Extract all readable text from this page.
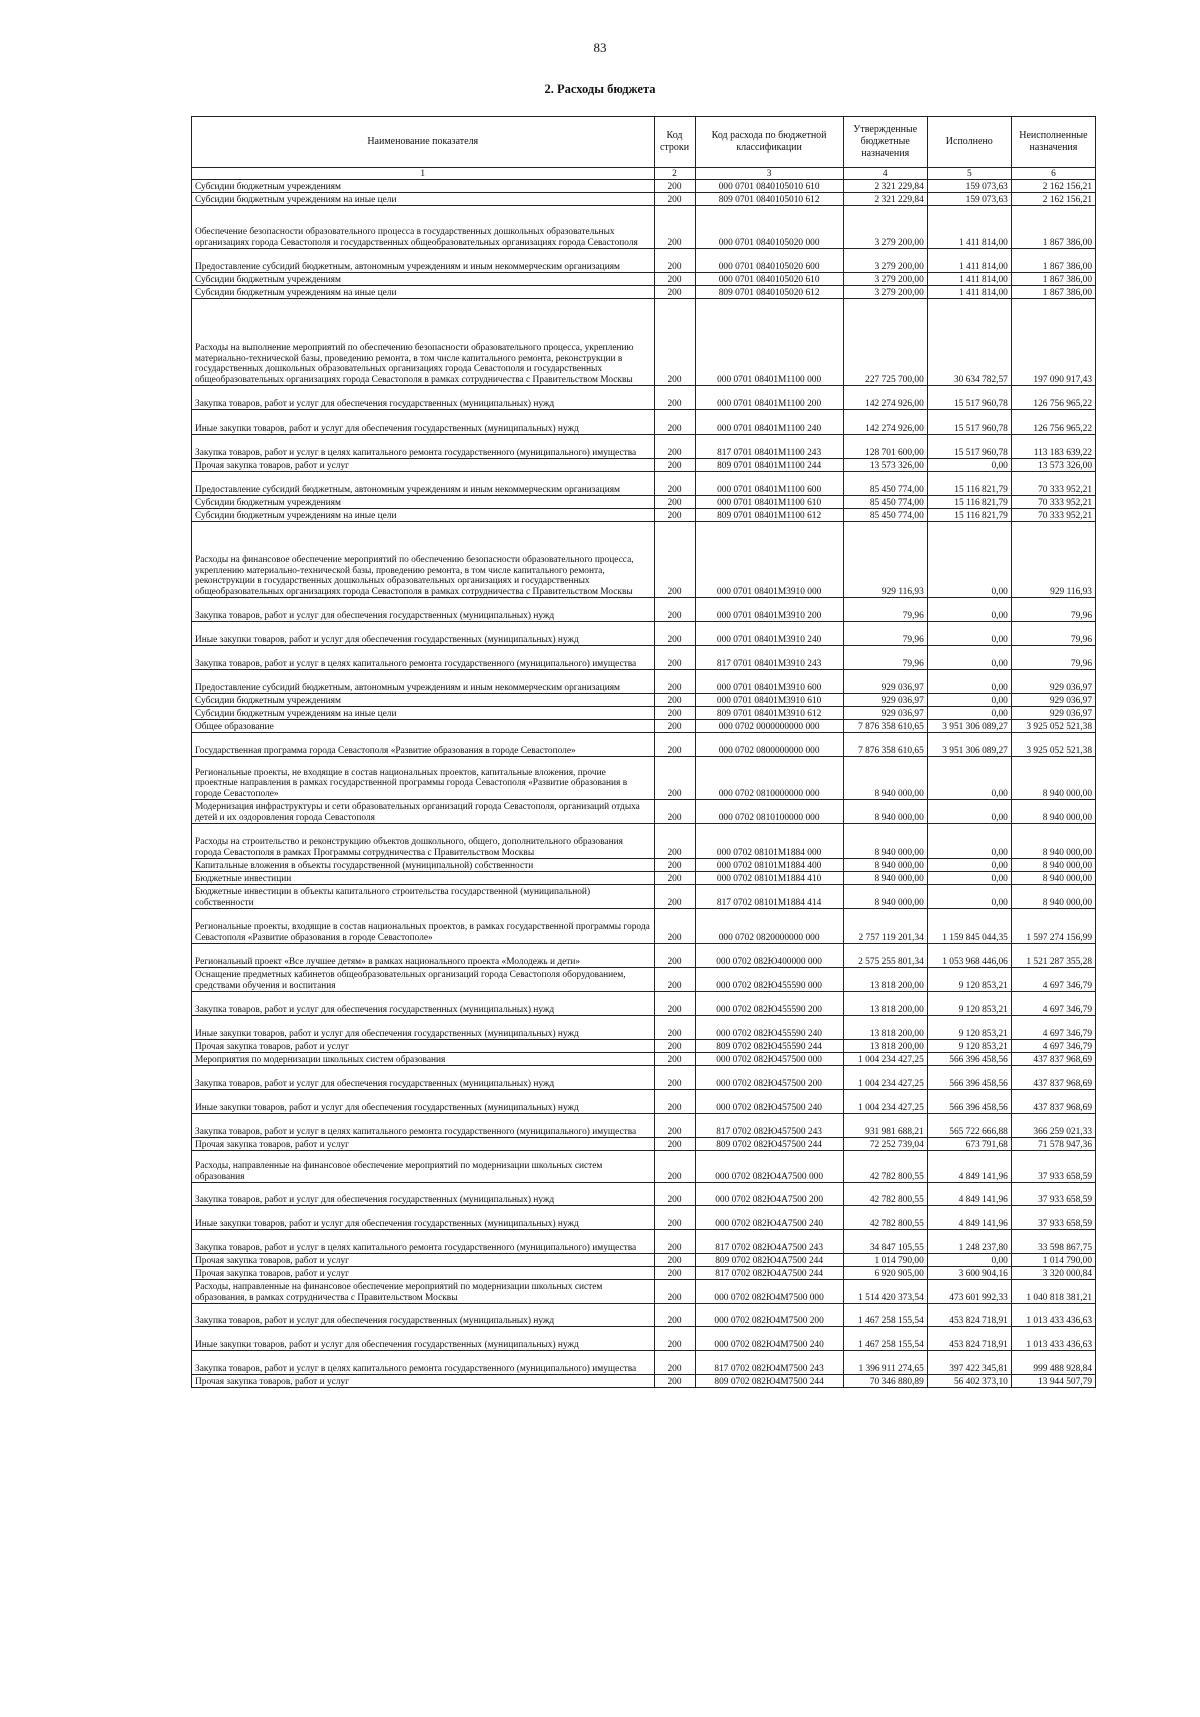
83
2. Расходы бюджета
Наименование показателя	Код строки	Код расхода по бюджетной классификации	Утвержденные бюджетные назначения	Исполнено	Неисполненные назначения
1	2	3	4	5	6
Субсидии бюджетным учреждениям	200	000 0701 0840105010 610	2 321 229,84	159 073,63	2 162 156,21
Субсидии бюджетным учреждениям на иные цели	200	809 0701 0840105010 612	2 321 229,84	159 073,63	2 162 156,21
Обеспечение безопасности образовательного процесса в государственных дошкольных образовательных организациях города Севастополя и государственных общеобразовательных организациях города Севастополя	200	000 0701 0840105020 000	3 279 200,00	1 411 814,00	1 867 386,00
Предоставление субсидий бюджетным, автономным учреждениям и иным некоммерческим организациям	200	000 0701 0840105020 600	3 279 200,00	1 411 814,00	1 867 386,00
Субсидии бюджетным учреждениям	200	000 0701 0840105020 610	3 279 200,00	1 411 814,00	1 867 386,00
Субсидии бюджетным учреждениям на иные цели	200	809 0701 0840105020 612	3 279 200,00	1 411 814,00	1 867 386,00
Расходы на выполнение мероприятий по обеспечению безопасности образовательного процесса, укреплению материально-технической базы, проведению ремонта, в том числе капитального ремонта, реконструкции в государственных дошкольных образовательных организациях города Севастополя и государственных общеобразовательных организациях города Севастополя в рамках сотрудничества с Правительством Москвы	200	000 0701 08401M1100 000	227 725 700,00	30 634 782,57	197 090 917,43
Закупка товаров, работ и услуг для обеспечения государственных (муниципальных) нужд	200	000 0701 08401M1100 200	142 274 926,00	15 517 960,78	126 756 965,22
Иные закупки товаров, работ и услуг для обеспечения государственных (муниципальных) нужд	200	000 0701 08401M1100 240	142 274 926,00	15 517 960,78	126 756 965,22
Закупка товаров, работ и услуг в целях капитального ремонта государственного (муниципального) имущества	200	817 0701 08401M1100 243	128 701 600,00	15 517 960,78	113 183 639,22
Прочая закупка товаров, работ и услуг	200	809 0701 08401M1100 244	13 573 326,00	0,00	13 573 326,00
Предоставление субсидий бюджетным, автономным учреждениям и иным некоммерческим организациям	200	000 0701 08401M1100 600	85 450 774,00	15 116 821,79	70 333 952,21
Субсидии бюджетным учреждениям	200	000 0701 08401M1100 610	85 450 774,00	15 116 821,79	70 333 952,21
Субсидии бюджетным учреждениям на иные цели	200	809 0701 08401M1100 612	85 450 774,00	15 116 821,79	70 333 952,21
Расходы на финансовое обеспечение мероприятий по обеспечению безопасности образовательного процесса, укреплению материально-технической базы, проведению ремонта, в том числе капитального ремонта, реконструкции в государственных дошкольных образовательных организациях и государственных общеобразовательных организациях города Севастополя в рамках сотрудничества с Правительством Москвы	200	000 0701 08401M3910 000	929 116,93	0,00	929 116,93
Закупка товаров, работ и услуг для обеспечения государственных (муниципальных) нужд	200	000 0701 08401M3910 200	79,96	0,00	79,96
Иные закупки товаров, работ и услуг для обеспечения государственных (муниципальных) нужд	200	000 0701 08401M3910 240	79,96	0,00	79,96
Закупка товаров, работ и услуг в целях капитального ремонта государственного (муниципального) имущества	200	817 0701 08401M3910 243	79,96	0,00	79,96
Предоставление субсидий бюджетным, автономным учреждениям и иным некоммерческим организациям	200	000 0701 08401M3910 600	929 036,97	0,00	929 036,97
Субсидии бюджетным учреждениям	200	000 0701 08401M3910 610	929 036,97	0,00	929 036,97
Субсидии бюджетным учреждениям на иные цели	200	809 0701 08401M3910 612	929 036,97	0,00	929 036,97
Общее образование	200	000 0702 0000000000 000	7 876 358 610,65	3 951 306 089,27	3 925 052 521,38
Государственная программа города Севастополя «Развитие образования в городе Севастополе»	200	000 0702 0800000000 000	7 876 358 610,65	3 951 306 089,27	3 925 052 521,38
Региональные проекты, не входящие в состав национальных проектов, капитальные вложения, прочие проектные направления в рамках государственной программы города Севастополя «Развитие образования в городе Севастополе»	200	000 0702 0810000000 000	8 940 000,00	0,00	8 940 000,00
Модернизация инфраструктуры и сети образовательных организаций города Севастополя, организаций отдыха детей и их оздоровления города Севастополя	200	000 0702 0810100000 000	8 940 000,00	0,00	8 940 000,00
Расходы на строительство и реконструкцию объектов дошкольного, общего, дополнительного образования города Севастополя в рамках Программы сотрудничества с Правительством Москвы	200	000 0702 08101M1884 000	8 940 000,00	0,00	8 940 000,00
Капитальные вложения в объекты государственной (муниципальной) собственности	200	000 0702 08101M1884 400	8 940 000,00	0,00	8 940 000,00
Бюджетные инвестиции	200	000 0702 08101M1884 410	8 940 000,00	0,00	8 940 000,00
Бюджетные инвестиции в объекты капитального строительства государственной (муниципальной) собственности	200	817 0702 08101M1884 414	8 940 000,00	0,00	8 940 000,00
Региональные проекты, входящие в состав национальных проектов, в рамках государственной программы города Севастополя «Развитие образования в городе Севастополе»	200	000 0702 0820000000 000	2 757 119 201,34	1 159 845 044,35	1 597 274 156,99
Региональный проект «Все лучшее детям» в рамках национального проекта «Молодежь и дети»	200	000 0702 082Ю400000 000	2 575 255 801,34	1 053 968 446,06	1 521 287 355,28
Оснащение предметных кабинетов общеобразовательных организаций города Севастополя оборудованием, средствами обучения и воспитания	200	000 0702 082Ю455590 000	13 818 200,00	9 120 853,21	4 697 346,79
Закупка товаров, работ и услуг для обеспечения государственных (муниципальных) нужд	200	000 0702 082Ю455590 200	13 818 200,00	9 120 853,21	4 697 346,79
Иные закупки товаров, работ и услуг для обеспечения государственных (муниципальных) нужд	200	000 0702 082Ю455590 240	13 818 200,00	9 120 853,21	4 697 346,79
Прочая закупка товаров, работ и услуг	200	809 0702 082Ю455590 244	13 818 200,00	9 120 853,21	4 697 346,79
Мероприятия по модернизации школьных систем образования	200	000 0702 082Ю457500 000	1 004 234 427,25	566 396 458,56	437 837 968,69
Закупка товаров, работ и услуг для обеспечения государственных (муниципальных) нужд	200	000 0702 082Ю457500 200	1 004 234 427,25	566 396 458,56	437 837 968,69
Иные закупки товаров, работ и услуг для обеспечения государственных (муниципальных) нужд	200	000 0702 082Ю457500 240	1 004 234 427,25	566 396 458,56	437 837 968,69
Закупка товаров, работ и услуг в целях капитального ремонта государственного (муниципального) имущества	200	817 0702 082Ю457500 243	931 981 688,21	565 722 666,88	366 259 021,33
Прочая закупка товаров, работ и услуг	200	809 0702 082Ю457500 244	72 252 739,04	673 791,68	71 578 947,36
Расходы, направленные на финансовое обеспечение мероприятий по модернизации школьных систем образования	200	000 0702 082Ю4А7500 000	42 782 800,55	4 849 141,96	37 933 658,59
Закупка товаров, работ и услуг для обеспечения государственных (муниципальных) нужд	200	000 0702 082Ю4А7500 200	42 782 800,55	4 849 141,96	37 933 658,59
Иные закупки товаров, работ и услуг для обеспечения государственных (муниципальных) нужд	200	000 0702 082Ю4А7500 240	42 782 800,55	4 849 141,96	37 933 658,59
Закупка товаров, работ и услуг в целях капитального ремонта государственного (муниципального) имущества	200	817 0702 082Ю4А7500 243	34 847 105,55	1 248 237,80	33 598 867,75
Прочая закупка товаров, работ и услуг	200	809 0702 082Ю4А7500 244	1 014 790,00	0,00	1 014 790,00
Прочая закупка товаров, работ и услуг	200	817 0702 082Ю4А7500 244	6 920 905,00	3 600 904,16	3 320 000,84
Расходы, направленные на финансовое обеспечение мероприятий по модернизации школьных систем образования, в рамках сотрудничества с Правительством Москвы	200	000 0702 082Ю4М7500 000	1 514 420 373,54	473 601 992,33	1 040 818 381,21
Закупка товаров, работ и услуг для обеспечения государственных (муниципальных) нужд	200	000 0702 082Ю4М7500 200	1 467 258 155,54	453 824 718,91	1 013 433 436,63
Иные закупки товаров, работ и услуг для обеспечения государственных (муниципальных) нужд	200	000 0702 082Ю4М7500 240	1 467 258 155,54	453 824 718,91	1 013 433 436,63
Закупка товаров, работ и услуг в целях капитального ремонта государственного (муниципального) имущества	200	817 0702 082Ю4М7500 243	1 396 911 274,65	397 422 345,81	999 488 928,84
Прочая закупка товаров, работ и услуг	200	809 0702 082Ю4М7500 244	70 346 880,89	56 402 373,10	13 944 507,79
